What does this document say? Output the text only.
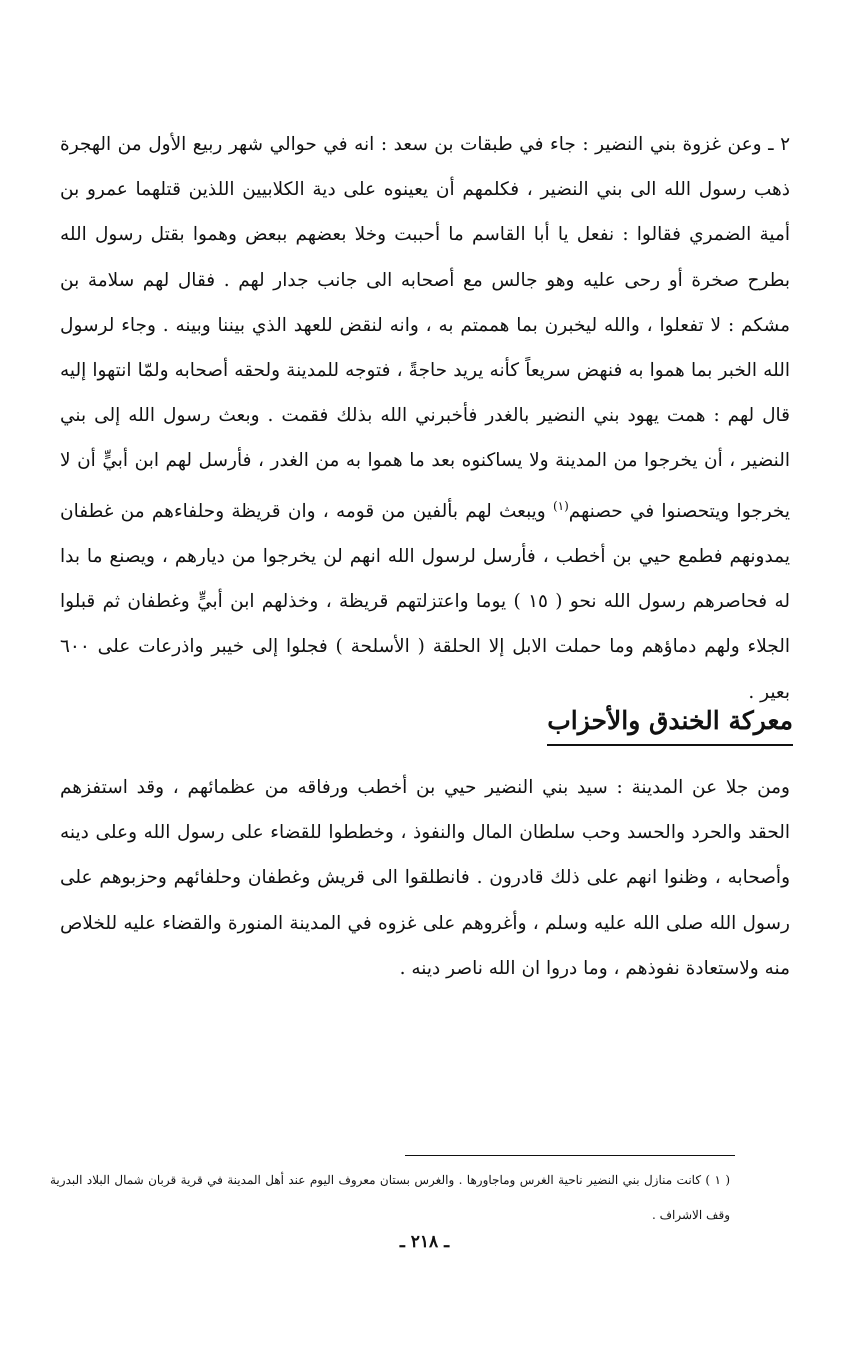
٢ ـ وعن غزوة بني النضير : جاء في طبقات بن سعد : انه في حوالي شهر ربيع الأول من الهجرة ذهب رسول الله الى بني النضير ، فكلمهم أن يعينوه على دية الكلابيين اللذين قتلهما عمرو بن أمية الضمري فقالوا : نفعل يا أبا القاسم ما أحببت وخلا بعضهم ببعض وهموا بقتل رسول الله بطرح صخرة أو رحى عليه وهو جالس مع أصحابه الى جانب جدار لهم . فقال لهم سلامة بن مشكم : لا تفعلوا ، والله ليخبرن بما هممتم به ، وانه لنقض للعهد الذي بيننا وبينه . وجاء لرسول الله الخبر بما هموا به فنهض سريعاً كأنه يريد حاجةً ، فتوجه للمدينة ولحقه أصحابه ولمّا انتهوا إليه قال لهم : همت يهود بني النضير بالغدر فأخبرني الله بذلك فقمت . وبعث رسول الله إلى بني النضير ، أن يخرجوا من المدينة ولا يساكنوه بعد ما هموا به من الغدر ، فأرسل لهم ابن أبيٍّ أن لا يخرجوا ويتحصنوا في حصنهم$^{(١)}$ ويبعث لهم بألفين من قومه ، وان قريظة وحلفاءهم من غطفان يمدونهم فطمع حيي بن أخطب ، فأرسل لرسول الله انهم لن يخرجوا من ديارهم ، ويصنع ما بدا له فحاصرهم رسول الله نحو ( ١٥ ) يوما واعتزلتهم قريظة ، وخذلهم ابن أبيٍّ وغطفان ثم قبلوا الجلاء ولهم دماؤهم وما حملت الابل إلا الحلقة ( الأسلحة ) فجلوا إلى خيبر واذرعات على ٦٠٠ بعير .

معركة الخندق والأحزاب

ومن جلا عن المدينة : سيد بني النضير حيي بن أخطب ورفاقه من عظمائهم ، وقد استفزهم الحقد والحرد والحسد وحب سلطان المال والنفوذ ، وخططوا للقضاء على رسول الله وعلى دينه وأصحابه ، وظنوا انهم على ذلك قادرون . فانطلقوا الى قريش وغطفان وحلفائهم وحزبوهم على رسول الله صلى الله عليه وسلم ، وأغروهم على غزوه في المدينة المنورة والقضاء عليه للخلاص منه ولاستعادة نفوذهم ، وما دروا ان الله ناصر دينه .

( ١ ) كانت منازل بني النضير ناحية الغرس وماجاورها . والغرس بستان معروف اليوم عند أهل المدينة في قرية قربان شمال البلاد البدرية وقف الاشراف .

ـ ٢١٨ ـ
